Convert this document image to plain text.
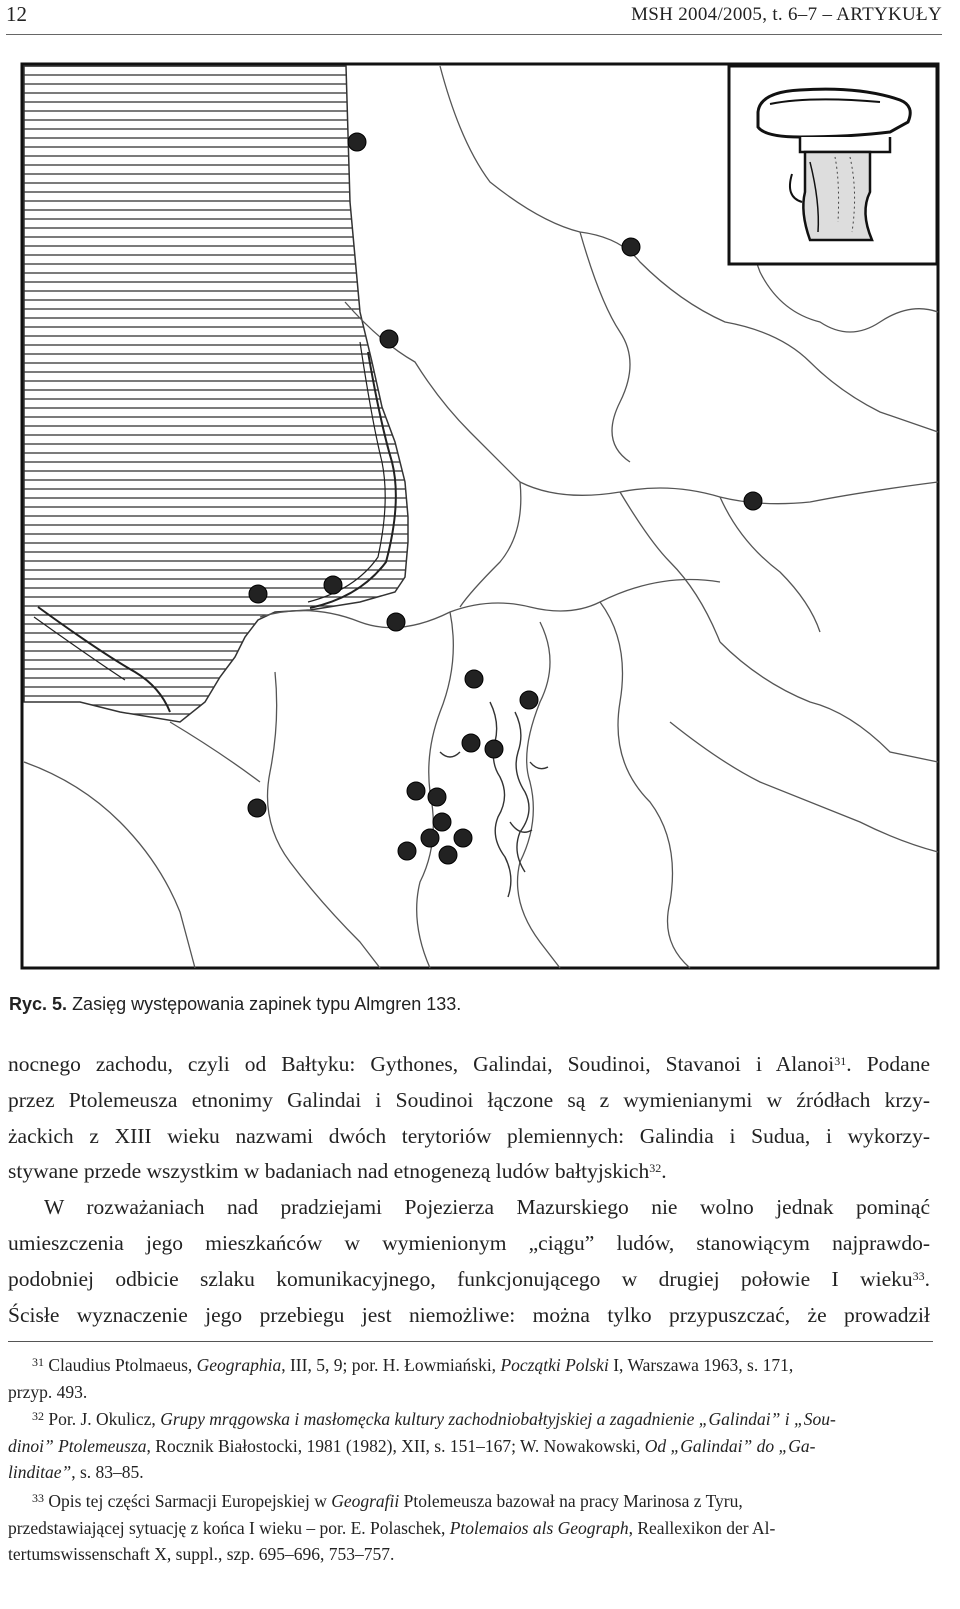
12	MSH 2004/2005, t. 6–7 – ARTYKUŁY
Ryc. 5. Zasięg występowania zapinek typu Almgren 133.

nocnego zachodu, czyli od Bałtyku: Gythones, Galindai, Soudinoi, Stavanoi i Alanoi$^{31}$. Podane

przez Ptolemeusza etnonimy Galindai i Soudinoi łączone są z wymienianymi w źródłach krzy-

żackich z XIII wieku nazwami dwóch terytoriów plemiennych: Galindia i Sudua, i wykorzy-

stywane przede wszystkim w badaniach nad etnogenezą ludów bałtyjskich$^{32}$.

W rozważaniach nad pradziejami Pojezierza Mazurskiego nie wolno jednak pominąć

umieszczenia jego mieszkańców w wymienionym „ciągu” ludów, stanowiącym najprawdo-

podobniej odbicie szlaku komunikacyjnego, funkcjonującego w drugiej połowie I wieku$^{33}$.

Ścisłe wyznaczenie jego przebiegu jest niemożliwe: można tylko przypuszczać, że prowadził

$^{31}$ Claudius Ptolmaeus, Geographia, III, 5, 9; por. H. Łowmiański, Początki Polski I, Warszawa 1963, s. 171,

przyp. 493.

$^{32}$ Por. J. Okulicz, Grupy mrągowska i masłomęcka kultury zachodniobałtyjskiej a zagadnienie „Galindai” i „Sou-

dinoi” Ptolemeusza, Rocznik Białostocki, 1981 (1982), XII, s. 151–167; W. Nowakowski, Od „Galindai” do „Ga-

linditae”, s. 83–85.

$^{33}$ Opis tej części Sarmacji Europejskiej w Geografii Ptolemeusza bazował na pracy Marinosa z Tyru,

przedstawiającej sytuację z końca I wieku – por. E. Polaschek, Ptolemaios als Geograph, Reallexikon der Al-

tertumswissenschaft X, suppl., szp. 695–696, 753–757.
